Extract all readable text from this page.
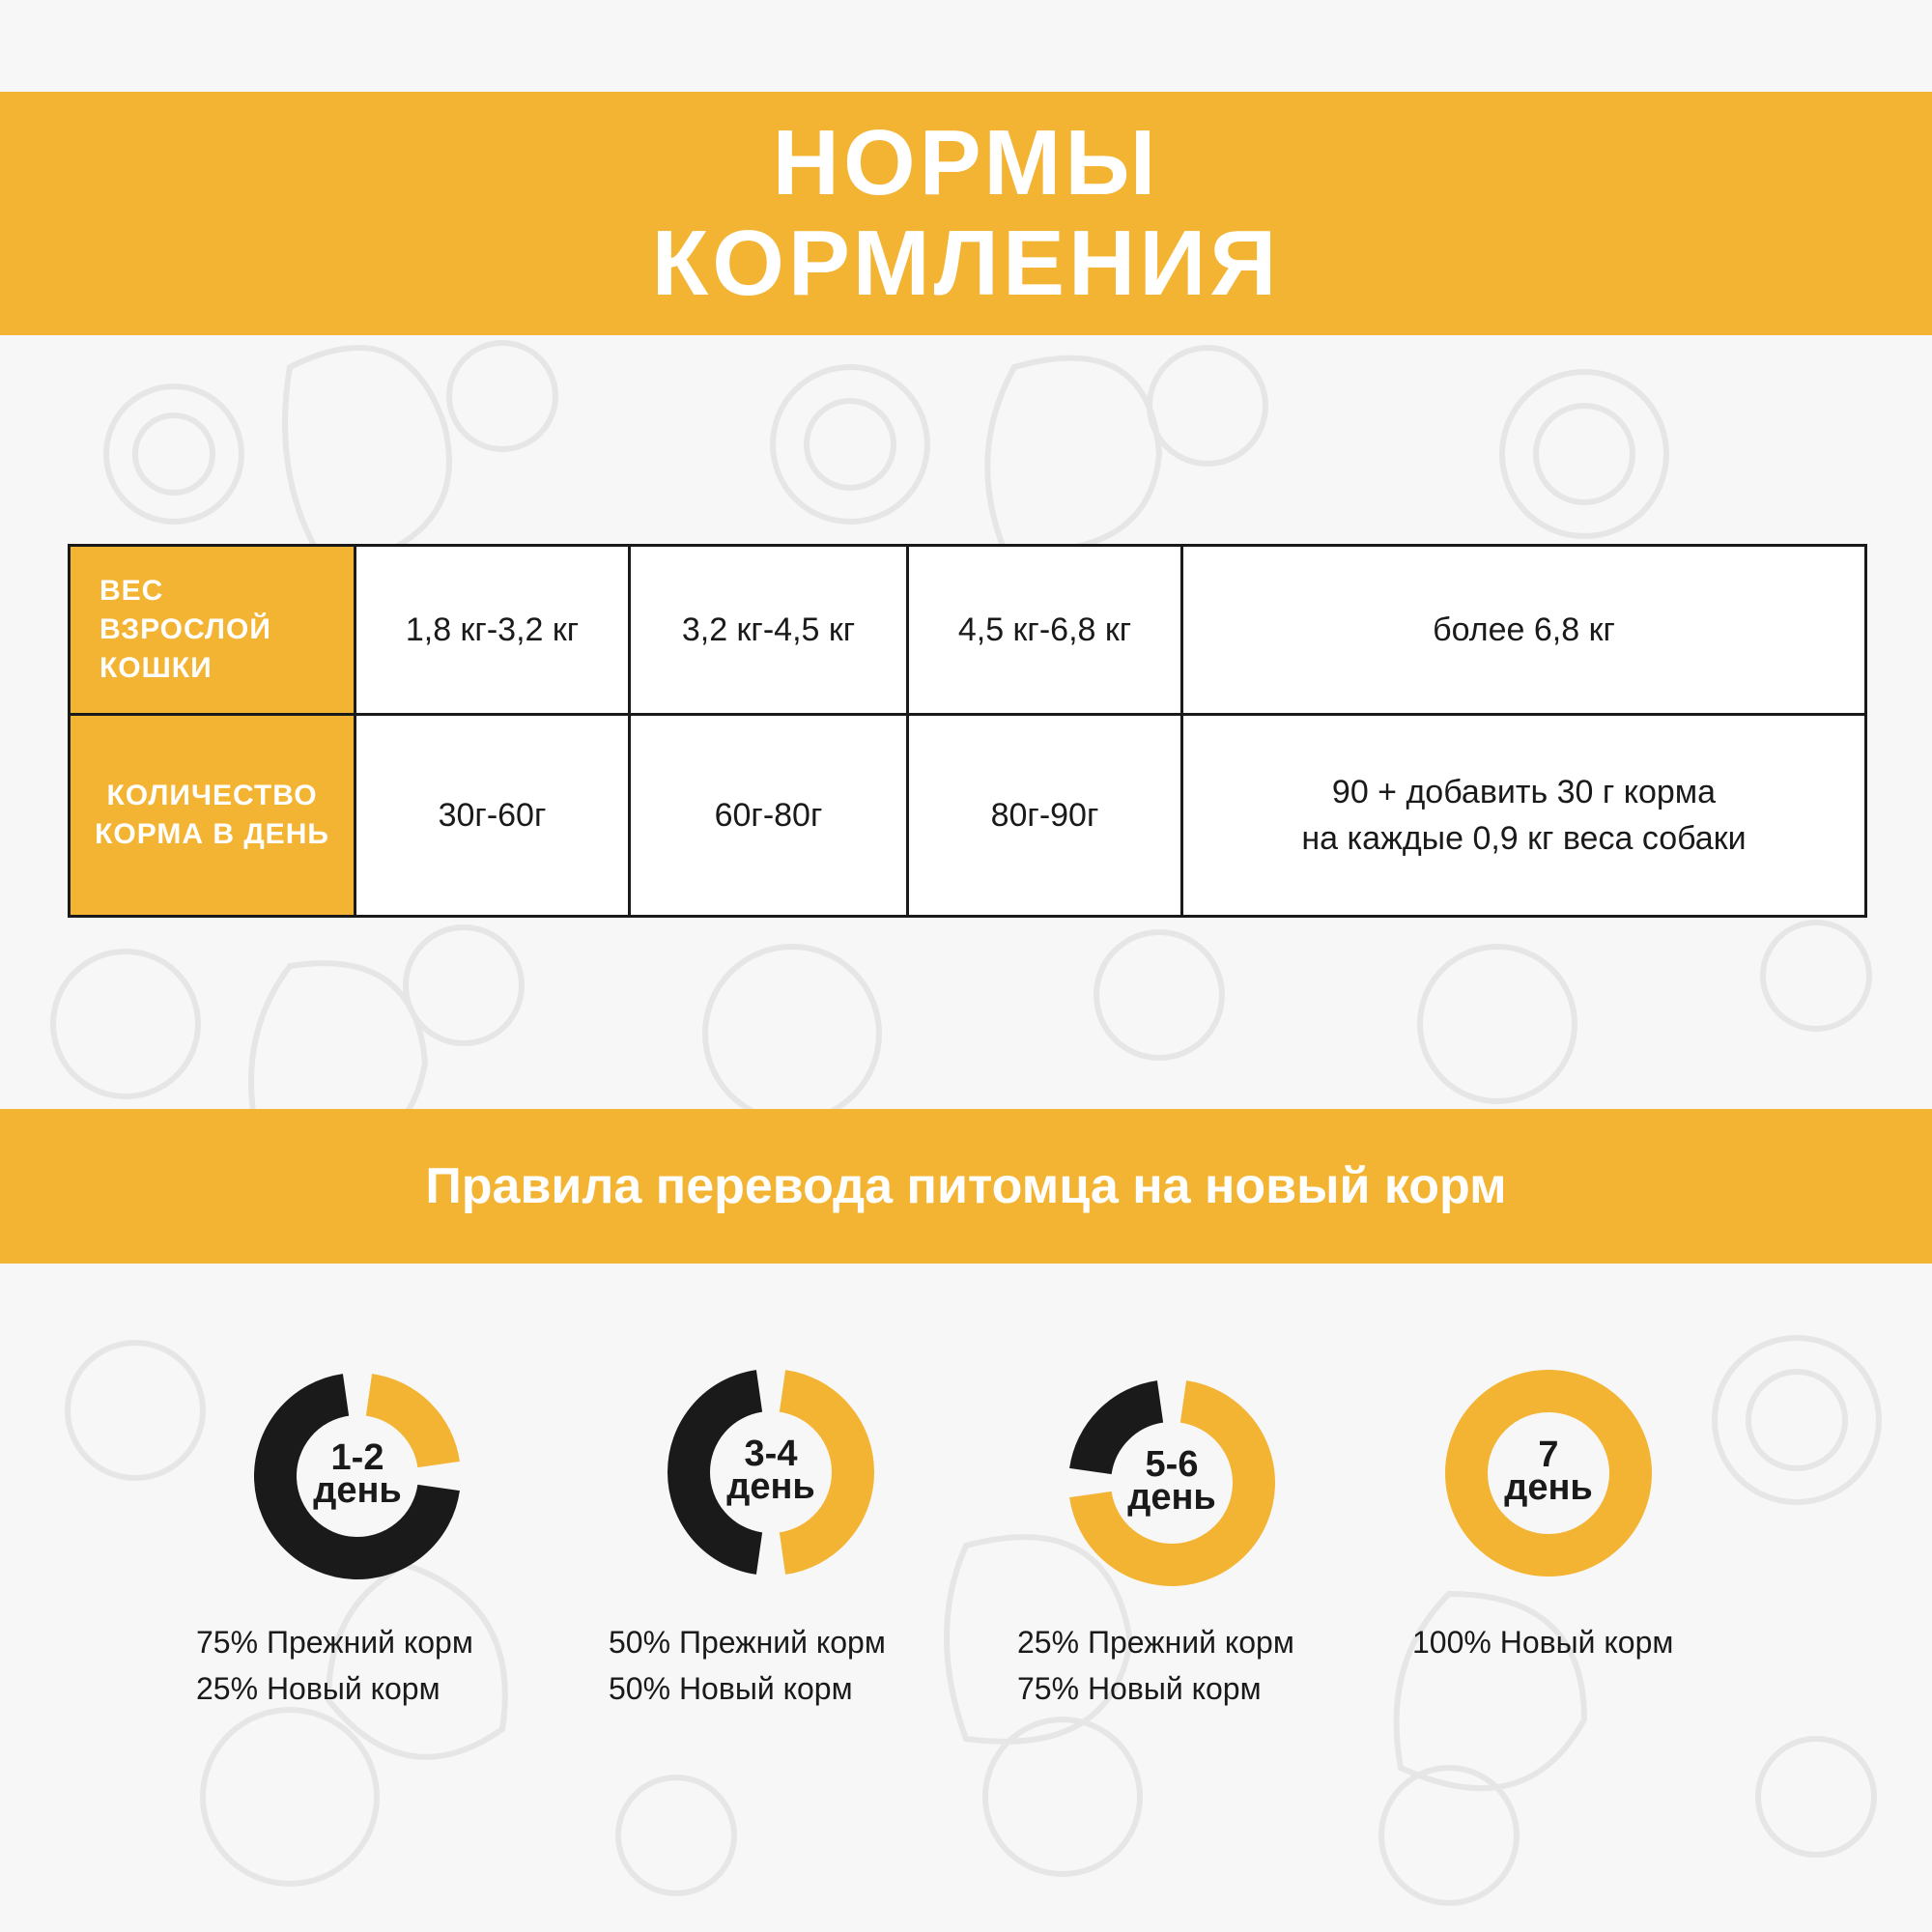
НОРМЫ
КОРМЛЕНИЯ
ВЕС ВЗРОСЛОЙ КОШКИ	1,8 кг-3,2 кг	3,2 кг-4,5 кг	4,5 кг-6,8 кг	более 6,8 кг
КОЛИЧЕСТВО КОРМА В ДЕНЬ	30г-60г	60г-80г	80г-90г	90 + добавить 30 г корма
на каждые 0,9 кг веса собаки
Правила перевода питомца на новый корм
1-2
день
75% Прежний корм
25% Новый корм
3-4
день
50% Прежний корм
50% Новый корм
5-6
день
25% Прежний корм
75% Новый корм
7
день
100% Новый корм
